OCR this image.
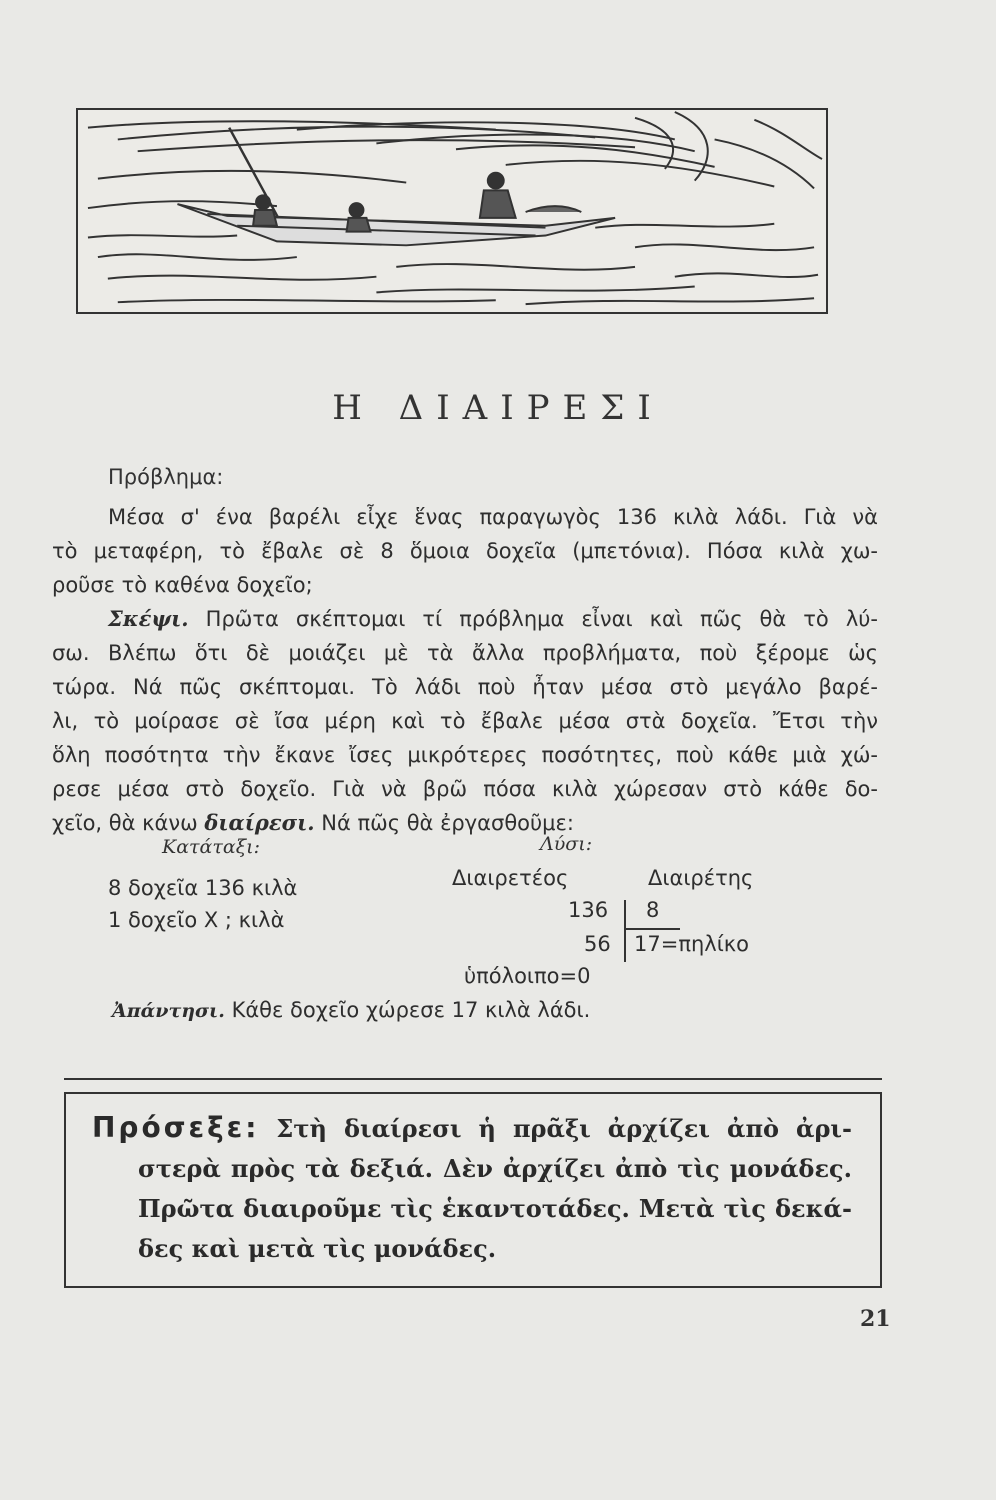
Η ΔΙΑΙΡΕΣΙ
Πρόβλημα:
Μέσα σ' ένα βαρέλι εἶχε ἕνας παραγωγὸς 136 κιλὰ λάδι. Γιὰ νὰ
τὸ μεταφέρη, τὸ ἔβαλε σὲ 8 ὅμοια δοχεῖα (μπετόνια). Πόσα κιλὰ χω-
ροῦσε τὸ καθένα δοχεῖο;
Σκέψι. Πρῶτα σκέπτομαι τί πρόβλημα εἶναι καὶ πῶς θὰ τὸ λύ-
σω. Βλέπω ὅτι δὲ μοιάζει μὲ τὰ ἄλλα προβλήματα, ποὺ ξέρομε ὡς
τώρα. Νά πῶς σκέπτομαι. Τὸ λάδι ποὺ ἦταν μέσα στὸ μεγάλο βαρέ-
λι, τὸ μοίρασε σὲ ἴσα μέρη καὶ τὸ ἔβαλε μέσα στὰ δοχεῖα. Ἔτσι τὴν
ὅλη ποσότητα τὴν ἔκανε ἴσες μικρότερες ποσότητες, ποὺ κάθε μιὰ χώ-
ρεσε μέσα στὸ δοχεῖο. Γιὰ νὰ βρῶ πόσα κιλὰ χώρεσαν στὸ κάθε δο-
χεῖο, θὰ κάνω διαίρεσι. Νά πῶς θὰ ἐργασθοῦμε:
Κατάταξι:	Λύσι:
8 δοχεῖα 136 κιλὰ
1 δοχεῖο Χ ; κιλὰ
Διαιρετέος	Διαιρέτης
136 8
56 17=πηλίκο
ὑπόλοιπο=0
Ἀπάντησι. Κάθε δοχεῖο χώρεσε 17 κιλὰ λάδι.
Πρόσεξε: Στὴ διαίρεσι ἡ πρᾶξι ἀρχίζει ἀπὸ ἀρι-
στερὰ πρὸς τὰ δεξιά. Δὲν ἀρχίζει ἀπὸ τὶς μονάδες.
Πρῶτα διαιροῦμε τὶς ἑκαντοτάδες. Μετὰ τὶς δεκά-
δες καὶ μετὰ τὶς μονάδες.
21
